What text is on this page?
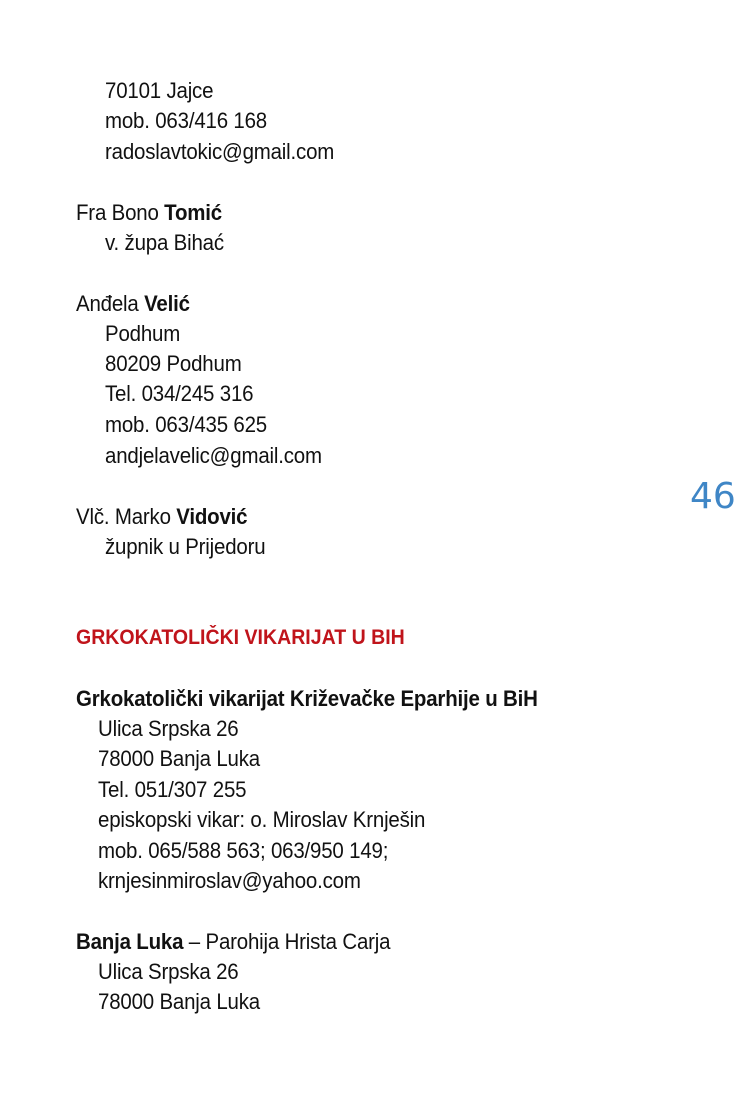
70101 Jajce
mob. 063/416 168
radoslavtokic@gmail.com
Fra Bono Tomić
v. župa Bihać
Anđela Velić
Podhum
80209 Podhum
Tel. 034/245 316
mob. 063/435 625
andjelavelic@gmail.com
46
Vlč. Marko Vidović
župnik u Prijedoru
GRKOKATOLIČKI VIKARIJAT U BIH
Grkokatolički vikarijat Križevačke Eparhije u BiH
Ulica Srpska 26
78000 Banja Luka
Tel. 051/307 255
episkopski vikar: o. Miroslav Krnješin
mob. 065/588 563; 063/950 149;
krnjesinmiroslav@yahoo.com
Banja Luka – Parohija Hrista Carja
Ulica Srpska 26
78000 Banja Luka
